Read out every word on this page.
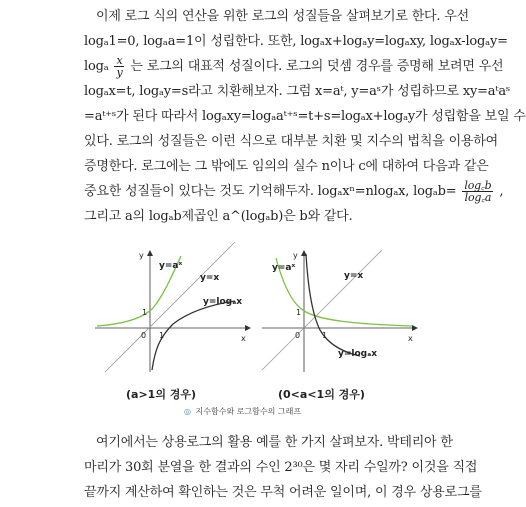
이제 로그 식의 연산을 위한 로그의 성질들을 살펴보기로 한다. 우선
logₐ1=0, logₐa=1이 성립한다. 또한, logₐx+logₐy=logₐxy, logₐx-logₐy=
logₐ $\frac{x}{y}$ 는 로그의 대표적 성질이다. 로그의 덧셈 경우를 증명해 보려면 우선
logₐx=t, logₐy=s라고 치환해보자. 그럼 x=aᵗ, y=aˢ가 성립하므로 xy=aᵗaˢ
=aᵗ⁺ˢ가 된다 따라서 logₐxy=logₐaᵗ⁺ˢ=t+s=logₐx+logₐy가 성립함을 보일 수
있다. 로그의 성질들은 이런 식으로 대부분 치환 및 지수의 법칙을 이용하여
증명한다. 로그에는 그 밖에도 임의의 실수 n이나 c에 대하여 다음과 같은
중요한 성질들이 있다는 것도 기억해두자. logₐxⁿ=nlogₐx, $\log_ab= \frac{\log꜀b}{\log꜀a}$ ,
그리고 a의 logₐb제곱인 a^(logₐb)은 b와 같다.
y=aˣ
y=x
y=logₐx
x
y
0 1
1
y=aˣ
y=x
y=logₐx
x
y
0	1
1
(a>1의 경우)	(0<a<1의 경우)
◎ 지수함수와 로그함수의 그래프
여기에서는 상용로그의 활용 예를 한 가지 살펴보자. 박테리아 한
마리가 30회 분열을 한 결과의 수인 2³⁰은 몇 자리 수일까? 이것을 직접
끝까지 계산하여 확인하는 것은 무척 어려운 일이며, 이 경우 상용로그를
